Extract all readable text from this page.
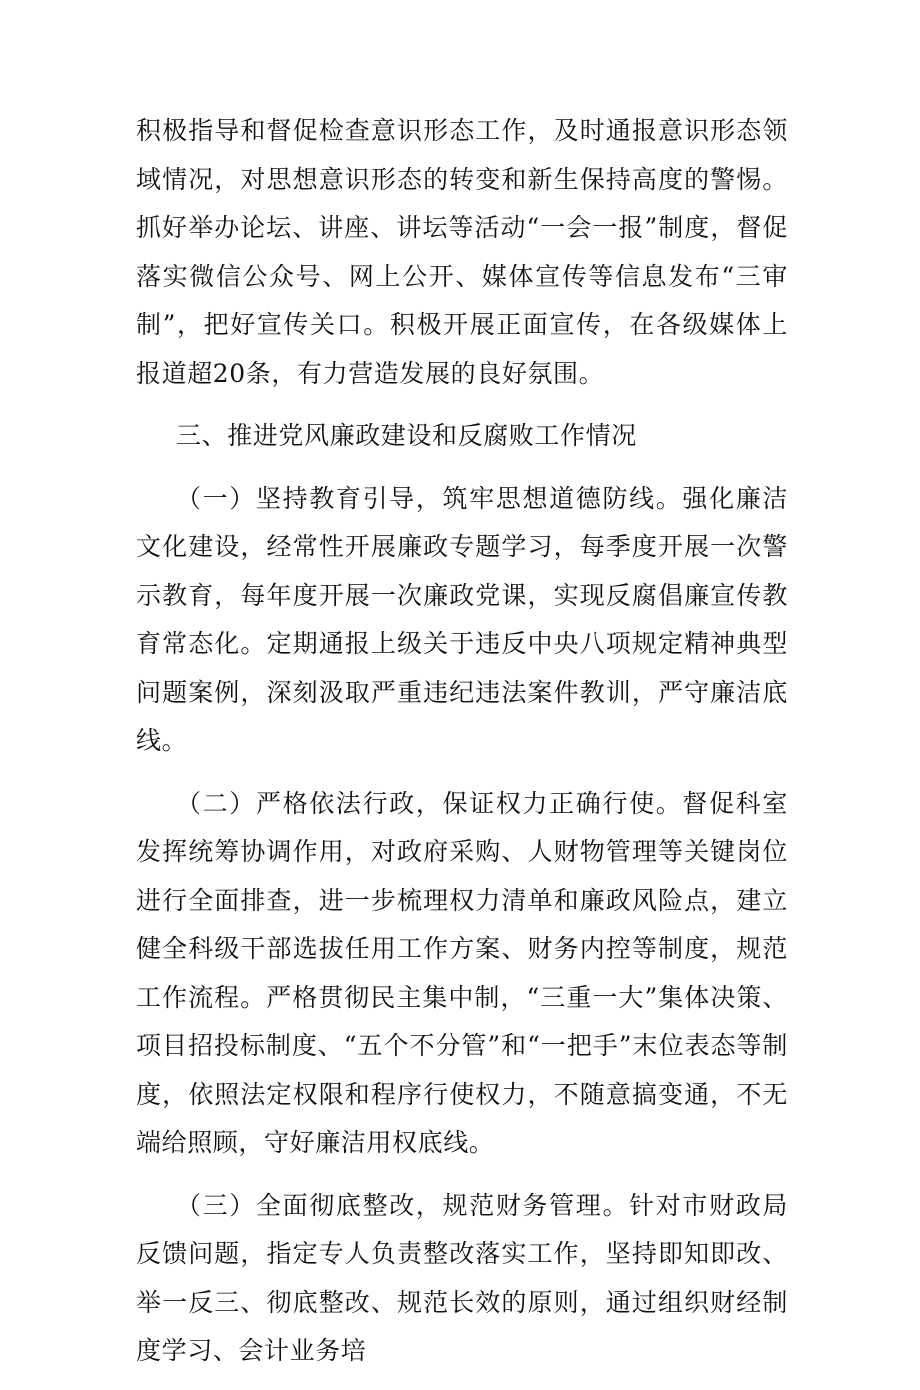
积极指导和督促检查意识形态工作，及时通报意识形态领域情况，对思想意识形态的转变和新生保持高度的警惕。抓好举办论坛、讲座、讲坛等活动“一会一报”制度，督促落实微信公众号、网上公开、媒体宣传等信息发布“三审制”，把好宣传关口。积极开展正面宣传，在各级媒体上报道超20条，有力营造发展的良好氛围。

三、推进党风廉政建设和反腐败工作情况

（一）坚持教育引导，筑牢思想道德防线。强化廉洁文化建设，经常性开展廉政专题学习，每季度开展一次警示教育，每年度开展一次廉政党课，实现反腐倡廉宣传教育常态化。定期通报上级关于违反中央八项规定精神典型问题案例，深刻汲取严重违纪违法案件教训，严守廉洁底线。

（二）严格依法行政，保证权力正确行使。督促科室发挥统筹协调作用，对政府采购、人财物管理等关键岗位进行全面排查，进一步梳理权力清单和廉政风险点，建立健全科级干部选拔任用工作方案、财务内控等制度，规范工作流程。严格贯彻民主集中制，“三重一大”集体决策、项目招投标制度、“五个不分管”和“一把手”末位表态等制度，依照法定权限和程序行使权力，不随意搞变通，不无端给照顾，守好廉洁用权底线。

（三）全面彻底整改，规范财务管理。针对市财政局反馈问题，指定专人负责整改落实工作，坚持即知即改、举一反三、彻底整改、规范长效的原则，通过组织财经制度学习、会计业务培
